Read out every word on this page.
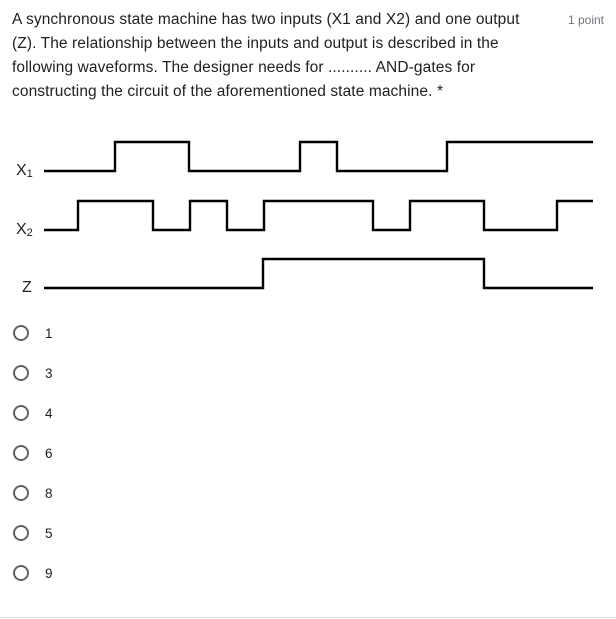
A synchronous state machine has two inputs (X1 and X2) and one output (Z). The relationship between the inputs and output is described in the following waveforms. The designer needs for .......... AND-gates for constructing the circuit of the aforementioned state machine. *

1 point
$X_1$
$X_2$
Z
1
3
4
6
8
5
9
